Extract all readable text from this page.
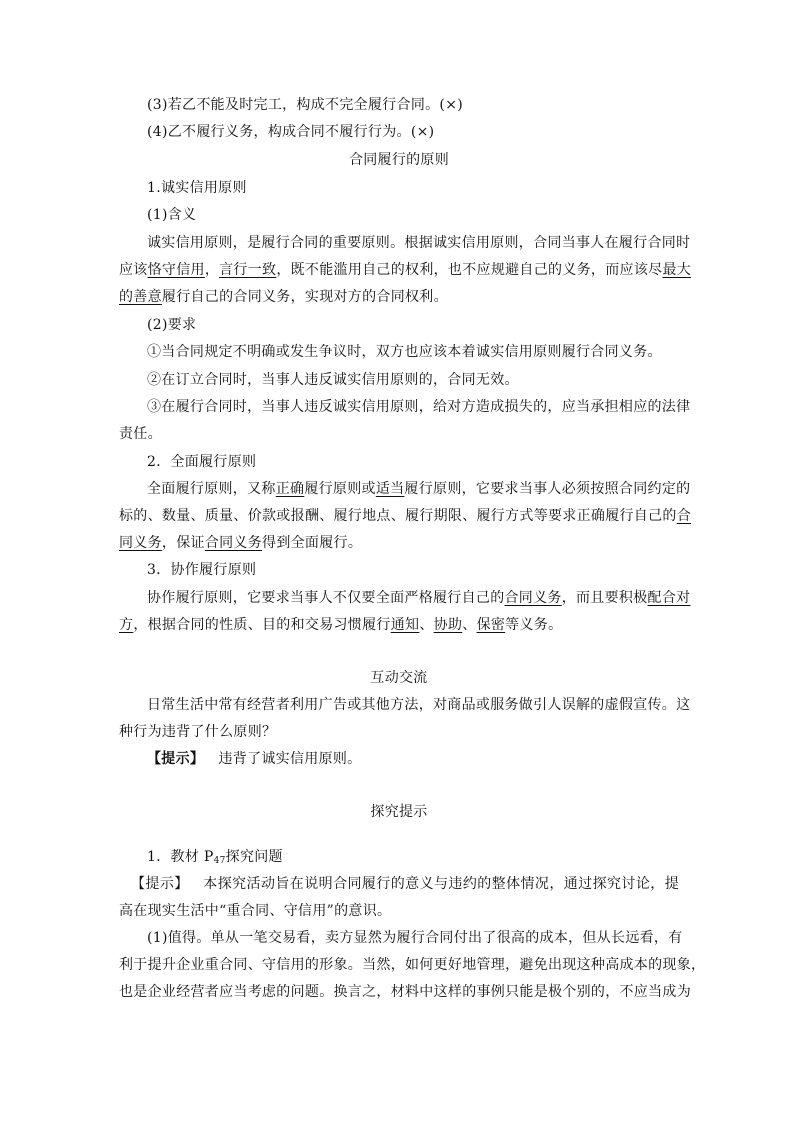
(3)若乙不能及时完工，构成不完全履行合同。(×)
(4)乙不履行义务，构成合同不履行行为。(×)
合同履行的原则
1.诚实信用原则
(1)含义
诚实信用原则，是履行合同的重要原则。根据诚实信用原则，合同当事人在履行合同时
应该恪守信用，言行一致，既不能滥用自己的权利，也不应规避自己的义务，而应该尽最大
的善意履行自己的合同义务，实现对方的合同权利。
(2)要求
①当合同规定不明确或发生争议时，双方也应该本着诚实信用原则履行合同义务。
②在订立合同时，当事人违反诚实信用原则的，合同无效。
③在履行合同时，当事人违反诚实信用原则，给对方造成损失的，应当承担相应的法律
责任。
2．全面履行原则
全面履行原则，又称正确履行原则或适当履行原则，它要求当事人必须按照合同约定的
标的、数量、质量、价款或报酬、履行地点、履行期限、履行方式等要求正确履行自己的合
同义务，保证合同义务得到全面履行。
3．协作履行原则
协作履行原则，它要求当事人不仅要全面严格履行自己的合同义务，而且要积极配合对
方，根据合同的性质、目的和交易习惯履行通知、协助、保密等义务。
互动交流
日常生活中常有经营者利用广告或其他方法，对商品或服务做引人误解的虚假宣传。这
种行为违背了什么原则？
【提示】 违背了诚实信用原则。
探究提示
1．教材 $P_{47}$探究问题
【提示】 本探究活动旨在说明合同履行的意义与违约的整体情况，通过探究讨论，提
高在现实生活中“重合同、守信用”的意识。
(1)值得。单从一笔交易看，卖方显然为履行合同付出了很高的成本，但从长远看，有
利于提升企业重合同、守信用的形象。当然，如何更好地管理，避免出现这种高成本的现象，
也是企业经营者应当考虑的问题。换言之，材料中这样的事例只能是极个别的，不应当成为
